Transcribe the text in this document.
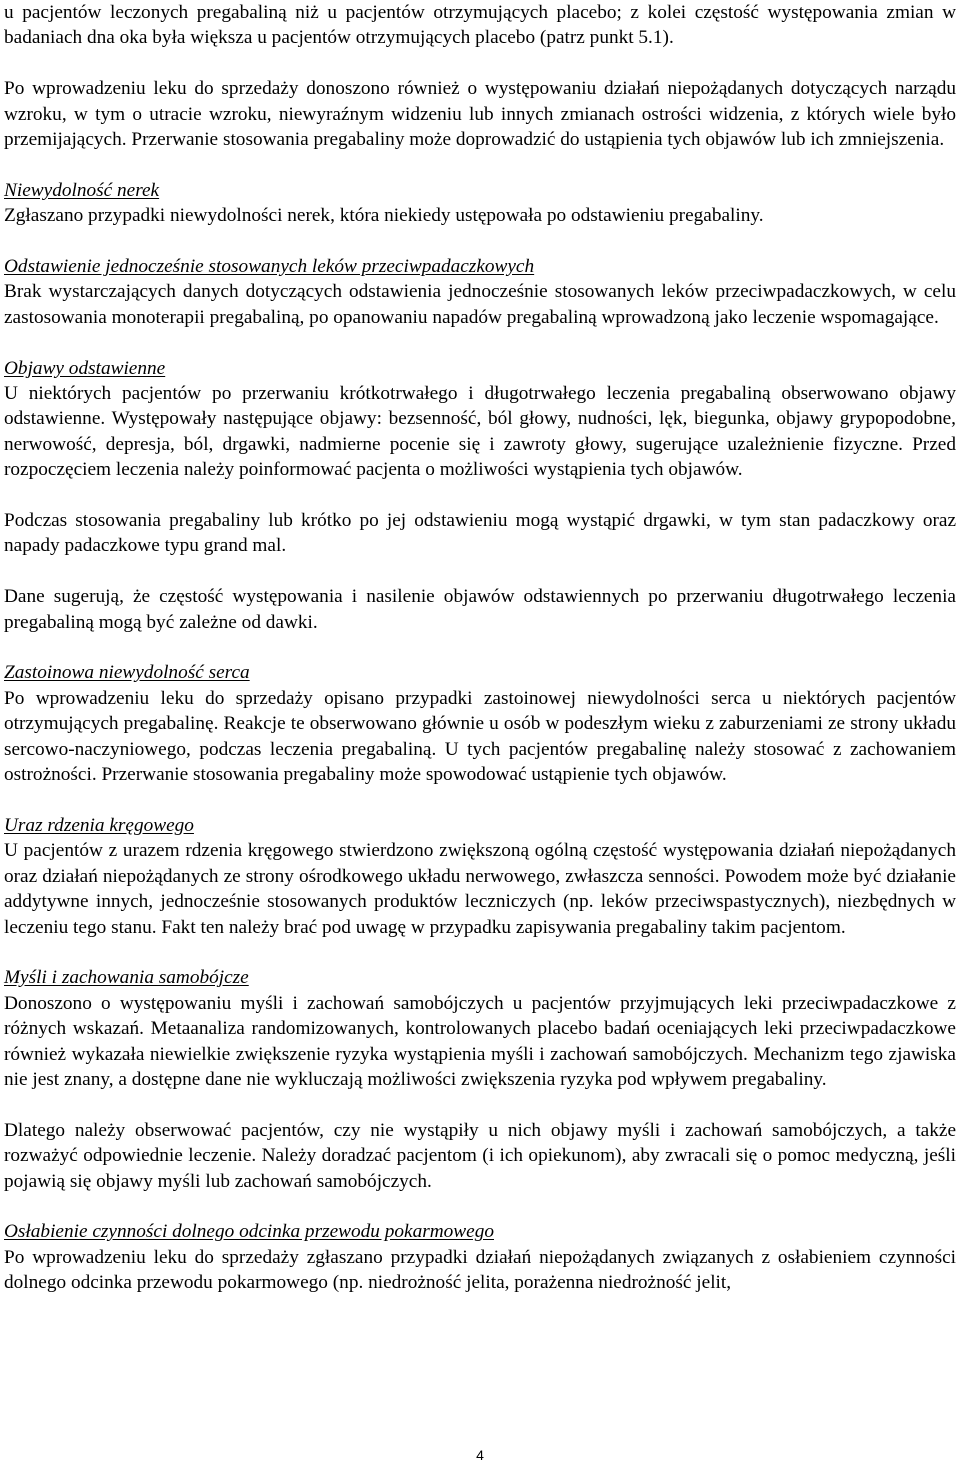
u pacjentów leczonych pregabaliną niż u pacjentów otrzymujących placebo; z kolei częstość występowania zmian w badaniach dna oka była większa u pacjentów otrzymujących placebo (patrz punkt 5.1).

Po wprowadzeniu leku do sprzedaży donoszono również o występowaniu działań niepożądanych dotyczących narządu wzroku, w tym o utracie wzroku, niewyraźnym widzeniu lub innych zmianach ostrości widzenia, z których wiele było przemijających. Przerwanie stosowania pregabaliny może doprowadzić do ustąpienia tych objawów lub ich zmniejszenia.

Niewydolność nerek
Zgłaszano przypadki niewydolności nerek, która niekiedy ustępowała po odstawieniu pregabaliny.
Odstawienie jednocześnie stosowanych leków przeciwpadaczkowych
Brak wystarczających danych dotyczących odstawienia jednocześnie stosowanych leków przeciwpadaczkowych, w celu zastosowania monoterapii pregabaliną, po opanowaniu napadów pregabaliną wprowadzoną jako leczenie wspomagające.
Objawy odstawienne
U niektórych pacjentów po przerwaniu krótkotrwałego i długotrwałego leczenia pregabaliną obserwowano objawy odstawienne. Występowały następujące objawy: bezsenność, ból głowy, nudności, lęk, biegunka, objawy grypopodobne, nerwowość, depresja, ból, drgawki, nadmierne pocenie się i zawroty głowy, sugerujące uzależnienie fizyczne. Przed rozpoczęciem leczenia należy poinformować pacjenta o możliwości wystąpienia tych objawów.

Podczas stosowania pregabaliny lub krótko po jej odstawieniu mogą wystąpić drgawki, w tym stan padaczkowy oraz napady padaczkowe typu grand mal.

Dane sugerują, że częstość występowania i nasilenie objawów odstawiennych po przerwaniu długotrwałego leczenia pregabaliną mogą być zależne od dawki.

Zastoinowa niewydolność serca
Po wprowadzeniu leku do sprzedaży opisano przypadki zastoinowej niewydolności serca u niektórych pacjentów otrzymujących pregabalinę. Reakcje te obserwowano głównie u osób w podeszłym wieku z zaburzeniami ze strony układu sercowo-naczyniowego, podczas leczenia pregabaliną. U tych pacjentów pregabalinę należy stosować z zachowaniem ostrożności. Przerwanie stosowania pregabaliny może spowodować ustąpienie tych objawów.
Uraz rdzenia kręgowego
U pacjentów z urazem rdzenia kręgowego stwierdzono zwiększoną ogólną częstość występowania działań niepożądanych oraz działań niepożądanych ze strony ośrodkowego układu nerwowego, zwłaszcza senności. Powodem może być działanie addytywne innych, jednocześnie stosowanych produktów leczniczych (np. leków przeciwspastycznych), niezbędnych w leczeniu tego stanu. Fakt ten należy brać pod uwagę w przypadku zapisywania pregabaliny takim pacjentom.
Myśli i zachowania samobójcze
Donoszono o występowaniu myśli i zachowań samobójczych u pacjentów przyjmujących leki przeciwpadaczkowe z różnych wskazań. Metaanaliza randomizowanych, kontrolowanych placebo badań oceniających leki przeciwpadaczkowe również wykazała niewielkie zwiększenie ryzyka wystąpienia myśli i zachowań samobójczych. Mechanizm tego zjawiska nie jest znany, a dostępne dane nie wykluczają możliwości zwiększenia ryzyka pod wpływem pregabaliny.

Dlatego należy obserwować pacjentów, czy nie wystąpiły u nich objawy myśli i zachowań samobójczych, a także rozważyć odpowiednie leczenie. Należy doradzać pacjentom (i ich opiekunom), aby zwracali się o pomoc medyczną, jeśli pojawią się objawy myśli lub zachowań samobójczych.

Osłabienie czynności dolnego odcinka przewodu pokarmowego
Po wprowadzeniu leku do sprzedaży zgłaszano przypadki działań niepożądanych związanych z osłabieniem czynności dolnego odcinka przewodu pokarmowego (np. niedrożność jelita, porażenna niedrożność jelit,
4
